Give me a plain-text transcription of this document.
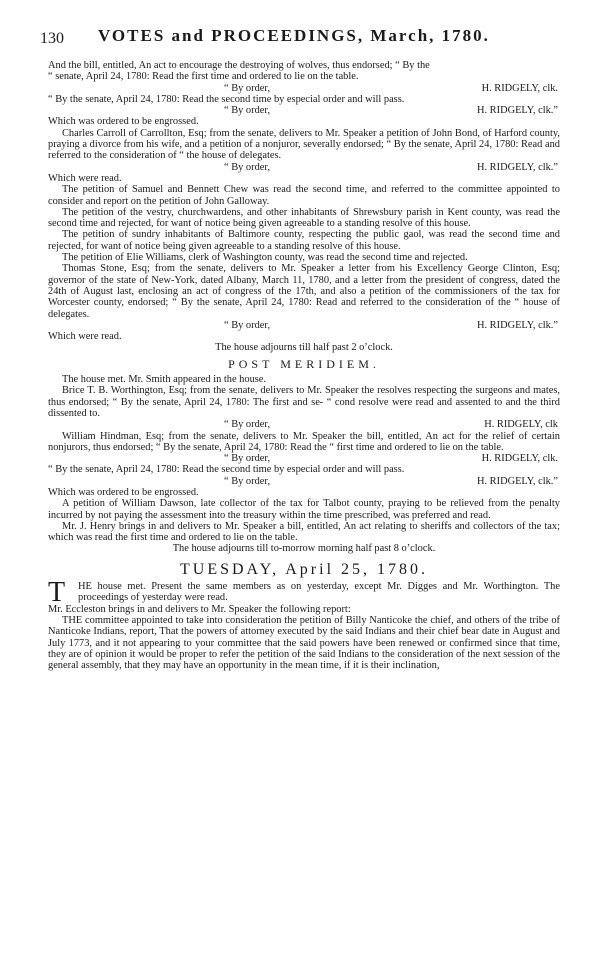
130 VOTES and PROCEEDINGS, March, 1780.

And the bill, entitled, An act to encourage the destroying of wolves, thus endorsed; “ By the

“ senate, April 24, 1780: Read the first time and ordered to lie on the table.

“ By order,	H. RIDGELY, clk.

“ By the senate, April 24, 1780: Read the second time by especial order and will pass.

“ By order,	H. RIDGELY, clk.”

Which was ordered to be engrossed.

Charles Carroll of Carrollton, Esq; from the senate, delivers to Mr. Speaker a petition of John Bond, of Harford county, praying a divorce from his wife, and a petition of a nonjuror, severally endorsed; “ By the senate, April 24, 1780: Read and referred to the consideration of “ the house of delegates.

“ By order,	H. RIDGELY, clk.”

Which were read.

The petition of Samuel and Bennett Chew was read the second time, and referred to the committee appointed to consider and report on the petition of John Galloway.

The petition of the vestry, churchwardens, and other inhabitants of Shrewsbury parish in Kent county, was read the second time and rejected, for want of notice being given agreeable to a standing resolve of this house.

The petition of sundry inhabitants of Baltimore county, respecting the public gaol, was read the second time and rejected, for want of notice being given agreeable to a standing resolve of this house.

The petition of Elie Williams, clerk of Washington county, was read the second time and rejected.

Thomas Stone, Esq; from the senate, delivers to Mr. Speaker a letter from his Excellency George Clinton, Esq; governor of the state of New-York, dated Albany, March 11, 1780, and a letter from the president of congress, dated the 24th of August last, enclosing an act of congress of the 17th, and also a petition of the commissioners of the tax for Worcester county, endorsed; “ By the senate, April 24, 1780: Read and referred to the consideration of the “ house of delegates.

“ By order,	H. RIDGELY, clk.”

Which were read.

The house adjourns till half past 2 o’clock.

POST MERIDIEM.

The house met. Mr. Smith appeared in the house.

Brice T. B. Worthington, Esq; from the senate, delivers to Mr. Speaker the resolves respecting the surgeons and mates, thus endorsed; “ By the senate, April 24, 1780: The first and se- “ cond resolve were read and assented to and the third dissented to.

“ By order,	H. RIDGELY, clk

William Hindman, Esq; from the senate, delivers to Mr. Speaker the bill, entitled, An act for the relief of certain nonjurors, thus endorsed; “ By the senate, April 24, 1780: Read the “ first time and ordered to lie on the table.

“ By order,	H. RIDGELY, clk.

“ By the senate, April 24, 1780: Read the second time by especial order and will pass.

“ By order,	H. RIDGELY, clk.”

Which was ordered to be engrossed.

A petition of William Dawson, late collector of the tax for Talbot county, praying to be relieved from the penalty incurred by not paying the assessment into the treasury within the time prescribed, was preferred and read.

Mr. J. Henry brings in and delivers to Mr. Speaker a bill, entitled, An act relating to sheriffs and collectors of the tax; which was read the first time and ordered to lie on the table.

The house adjourns till to-morrow morning half past 8 o’clock.

TUESDAY, April 25, 1780.
T HE house met. Present the same members as on yesterday, except Mr. Digges and Mr. Worthington. The proceedings of yesterday were read.

Mr. Eccleston brings in and delivers to Mr. Speaker the following report:

THE committee appointed to take into consideration the petition of Billy Nanticoke the chief, and others of the tribe of Nanticoke Indians, report, That the powers of attorney executed by the said Indians and their chief bear date in August and July 1773, and it not appearing to your committee that the said powers have been renewed or confirmed since that time, they are of opinion it would be proper to refer the petition of the said Indians to the consideration of the next session of the general assembly, that they may have an opportunity in the mean time, if it is their inclination,
